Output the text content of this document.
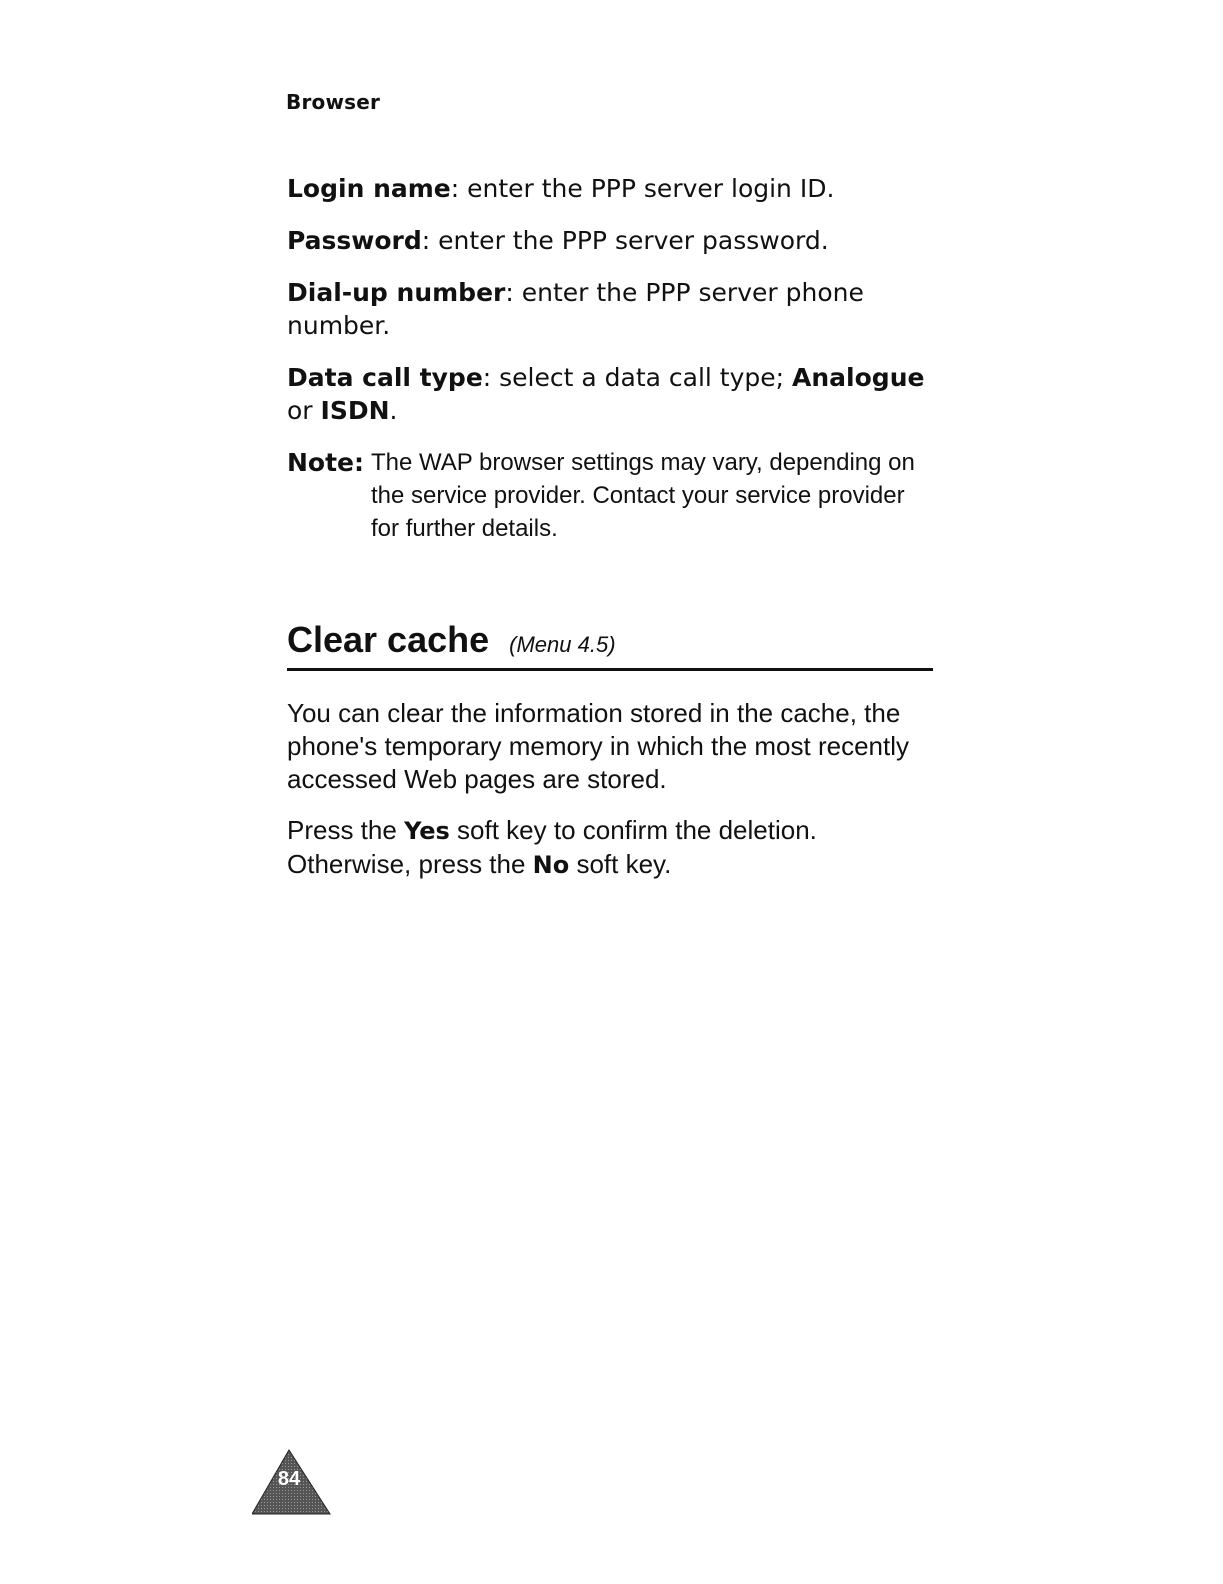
Browser

Login name: enter the PPP server login ID.

Password: enter the PPP server password.

Dial-up number: enter the PPP server phone number.

Data call type: select a data call type; Analogue or ISDN.

Note: The WAP browser settings may vary, depending on the service provider. Contact your service provider for further details.
Clear cache (Menu 4.5)

You can clear the information stored in the cache, the phone's temporary memory in which the most recently accessed Web pages are stored.

Press the Yes soft key to confirm the deletion. Otherwise, press the No soft key.

84
